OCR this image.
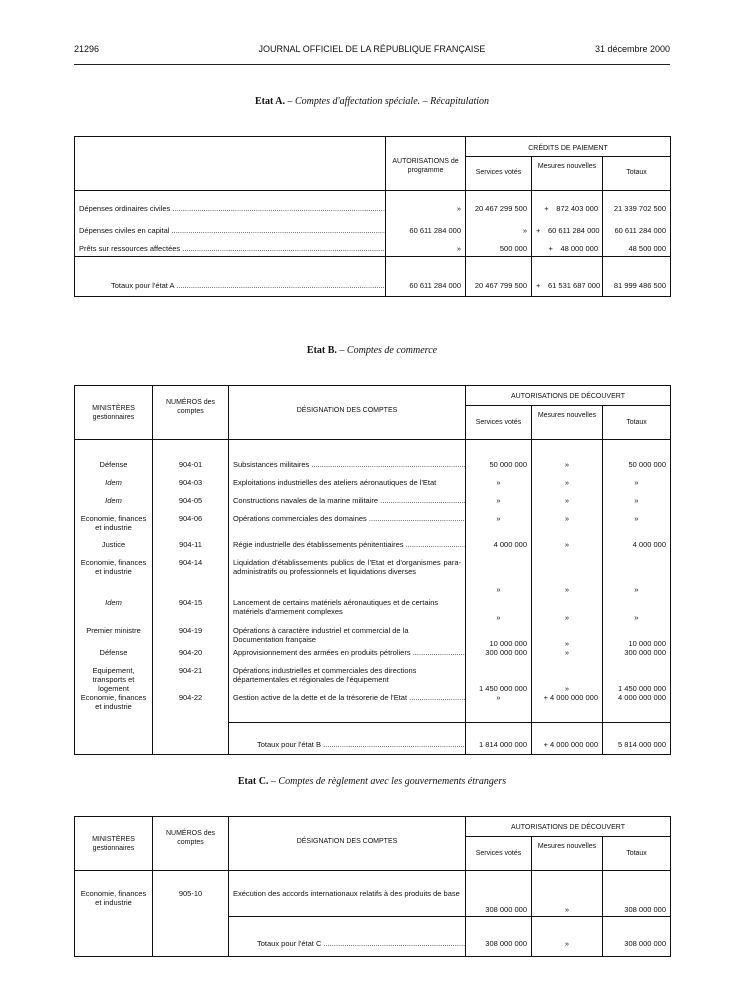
21296	JOURNAL OFFICIEL DE LA RÉPUBLIQUE FRANÇAISE	31 décembre 2000
Etat A. – Comptes d'affectation spéciale. – Récapitulation
	AUTORISATIONS de programme	CRÉDITS DE PAIEMENT		
		Services votés	Mesures nouvelles	Totaux
Dépenses ordinaires civiles .....	»	20 467 299 500	+ 872 403 000	21 339 702 500
Dépenses civiles en capital .....	60 611 284 000	»	+ 60 611 284 000	60 611 284 000
Prêts sur ressources affectées .....	»	500 000	+ 48 000 000	48 500 000
Totaux pour l'état A .....	60 611 284 000	20 467 799 500	+ 61 531 687 000	81 999 486 500
Etat B. – Comptes de commerce
MINISTÈRES gestionnaires	NUMÉROS des comptes	DÉSIGNATION DES COMPTES	AUTORISATIONS DE DÉCOUVERT		
			Services votés	Mesures nouvelles	Totaux

Défense	904-01	Subsistances militaires .....	50 000 000	»	50 000 000
Idem	904-03	Exploitations industrielles des ateliers aéronautiques de l'Etat	»	»	»
Idem	904-05	Constructions navales de la marine militaire .....	»	»	»
Economie, finances et industrie	904-06	Opérations commerciales des domaines .....	»	»	»
Justice	904-11	Régie industrielle des établissements pénitentiaires .....	4 000 000	»	4 000 000
Economie, finances et industrie	904-14	Liquidation d'établissements publics de l'Etat et d'organismes para-administratifs ou professionnels et liquidations diverses	»	»	»
Idem	904-15	Lancement de certains matériels aéronautiques et de certains matériels d'armement complexes	»	»	»
Premier ministre	904-19	Opérations à caractère industriel et commercial de la Documentation française	10 000 000	»	10 000 000
Défense	904-20	Approvisionnement des armées en produits pétroliers .....	300 000 000	»	300 000 000
Equipement, transports et logement	904-21	Opérations industrielles et commerciales des directions départementales et régionales de l'équipement	1 450 000 000	»	1 450 000 000
Economie, finances et industrie	904-22	Gestion active de la dette et de la trésorerie de l'Etat .....	»	+ 4 000 000 000	4 000 000 000
		Totaux pour l'état B .....	1 814 000 000	+ 4 000 000 000	5 814 000 000
Etat C. – Comptes de règlement avec les gouvernements étrangers
MINISTÈRES gestionnaires	NUMÉROS des comptes	DÉSIGNATION DES COMPTES	AUTORISATIONS DE DÉCOUVERT		
			Services votés	Mesures nouvelles	Totaux
Economie, finances et industrie	905-10	Exécution des accords internationaux relatifs à des produits de base	308 000 000	»	308 000 000
		Totaux pour l'état C .....	308 000 000	»	308 000 000
